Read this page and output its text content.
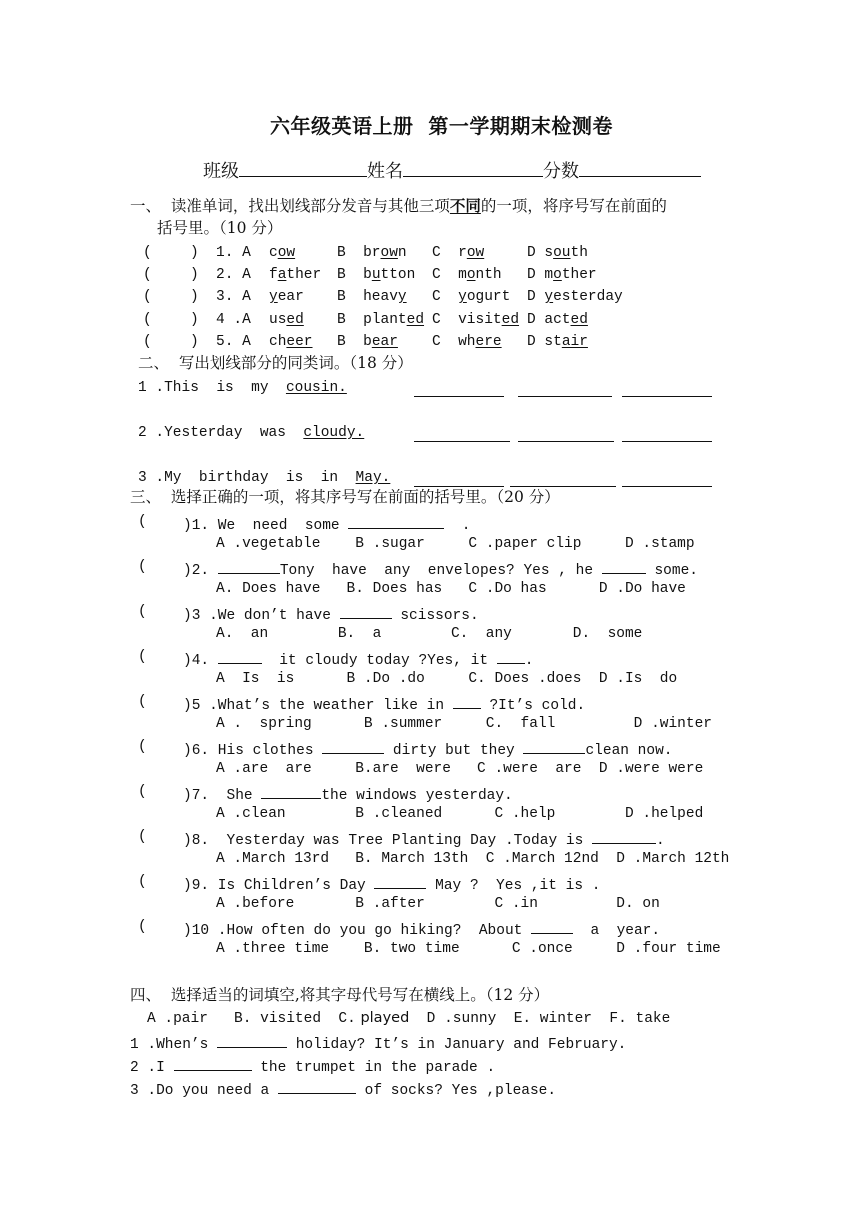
六年级英语上册  第一学期期末检测卷
班级	姓名	分数
一、  读准单词，找出划线部分发音与其他三项不同的一项，将序号写在前面的
括号里。（10 分）
(	) 1. A cow	B  brown C  row	D south
(	) 2. A father B  button C  month D mother
(	) 3. A year B  heavy C  yogurt D yesterday
(	) 4 .A used B  planted C  visited D acted
(	) 5. A cheer B  bear C  where D stair
二、  写出划线部分的同类词。（18 分）
1 .This  is  my  cousin.
2 .Yesterday  was  cloudy.
3 .My  birthday  is  in  May.
三、  选择正确的一项，将其序号写在前面的括号里。（20 分）
(	)1. We  need  some	.
A .vegetable    B .sugar     C .paper clip     D .stamp
(	)2.	Tony  have  any  envelopes? Yes , he	some.
A. Does have   B. Does has   C .Do has      D .Do have
(	)3 .We don’t have	scissors.
A.  an        B.  a        C.  any       D.  some
(	)4.	it cloudy today ?Yes, it .
A  Is  is      B .Do .do     C. Does .does  D .Is  do
(	)5 .What’s the weather like in  ?It’s cold.
A .  spring      B .summer     C.  fall         D .winter
(	)6. His clothes	dirty but they	clean now.
A .are  are     B.are  were   C .were  are  D .were were
(	)7.  She	the windows yesterday.
A .clean        B .cleaned      C .help        D .helped
(	)8.  Yesterday was Tree Planting Day .Today is	.
A .March 13rd   B. March 13th  C .March 12nd  D .March 12th
(	)9. Is Children’s Day	May ?  Yes ,it is .
A .before       B .after        C .in         D. on
(	)10 .How often do you go hiking?  About	a  year.
A .three time    B. two time      C .once     D .four time
四、  选择适当的词填空,将其字母代号写在横线上。（12 分）
A .pair   B. visited  C. played  D .sunny  E. winter  F. take
1 .When’s	holiday? It’s in January and February.
2 .I	the trumpet in the parade .
3 .Do you need a	of socks? Yes ,please.
